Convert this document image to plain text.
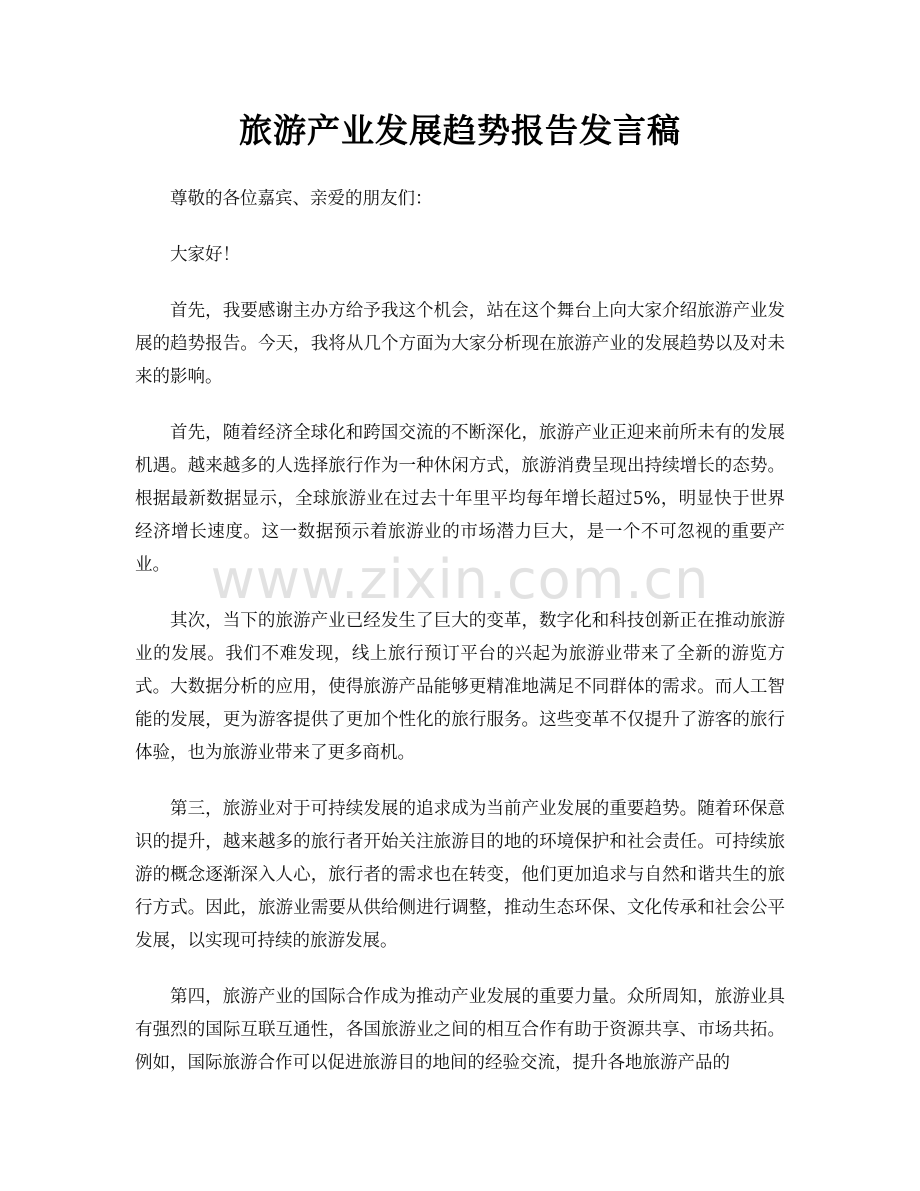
旅游产业发展趋势报告发言稿

尊敬的各位嘉宾、亲爱的朋友们：

大家好！

首先，我要感谢主办方给予我这个机会，站在这个舞台上向大家介绍旅游产业发展的趋势报告。今天，我将从几个方面为大家分析现在旅游产业的发展趋势以及对未来的影响。

首先，随着经济全球化和跨国交流的不断深化，旅游产业正迎来前所未有的发展机遇。越来越多的人选择旅行作为一种休闲方式，旅游消费呈现出持续增长的态势。根据最新数据显示，全球旅游业在过去十年里平均每年增长超过5%，明显快于世界经济增长速度。这一数据预示着旅游业的市场潜力巨大，是一个不可忽视的重要产业。

其次，当下的旅游产业已经发生了巨大的变革，数字化和科技创新正在推动旅游业的发展。我们不难发现，线上旅行预订平台的兴起为旅游业带来了全新的游览方式。大数据分析的应用，使得旅游产品能够更精准地满足不同群体的需求。而人工智能的发展，更为游客提供了更加个性化的旅行服务。这些变革不仅提升了游客的旅行体验，也为旅游业带来了更多商机。

第三，旅游业对于可持续发展的追求成为当前产业发展的重要趋势。随着环保意识的提升，越来越多的旅行者开始关注旅游目的地的环境保护和社会责任。可持续旅游的概念逐渐深入人心，旅行者的需求也在转变，他们更加追求与自然和谐共生的旅行方式。因此，旅游业需要从供给侧进行调整，推动生态环保、文化传承和社会公平发展，以实现可持续的旅游发展。

第四，旅游产业的国际合作成为推动产业发展的重要力量。众所周知，旅游业具有强烈的国际互联互通性，各国旅游业之间的相互合作有助于资源共享、市场共拓。例如，国际旅游合作可以促进旅游目的地间的经验交流，提升各地旅游产品的

www.zixin.com.cn
